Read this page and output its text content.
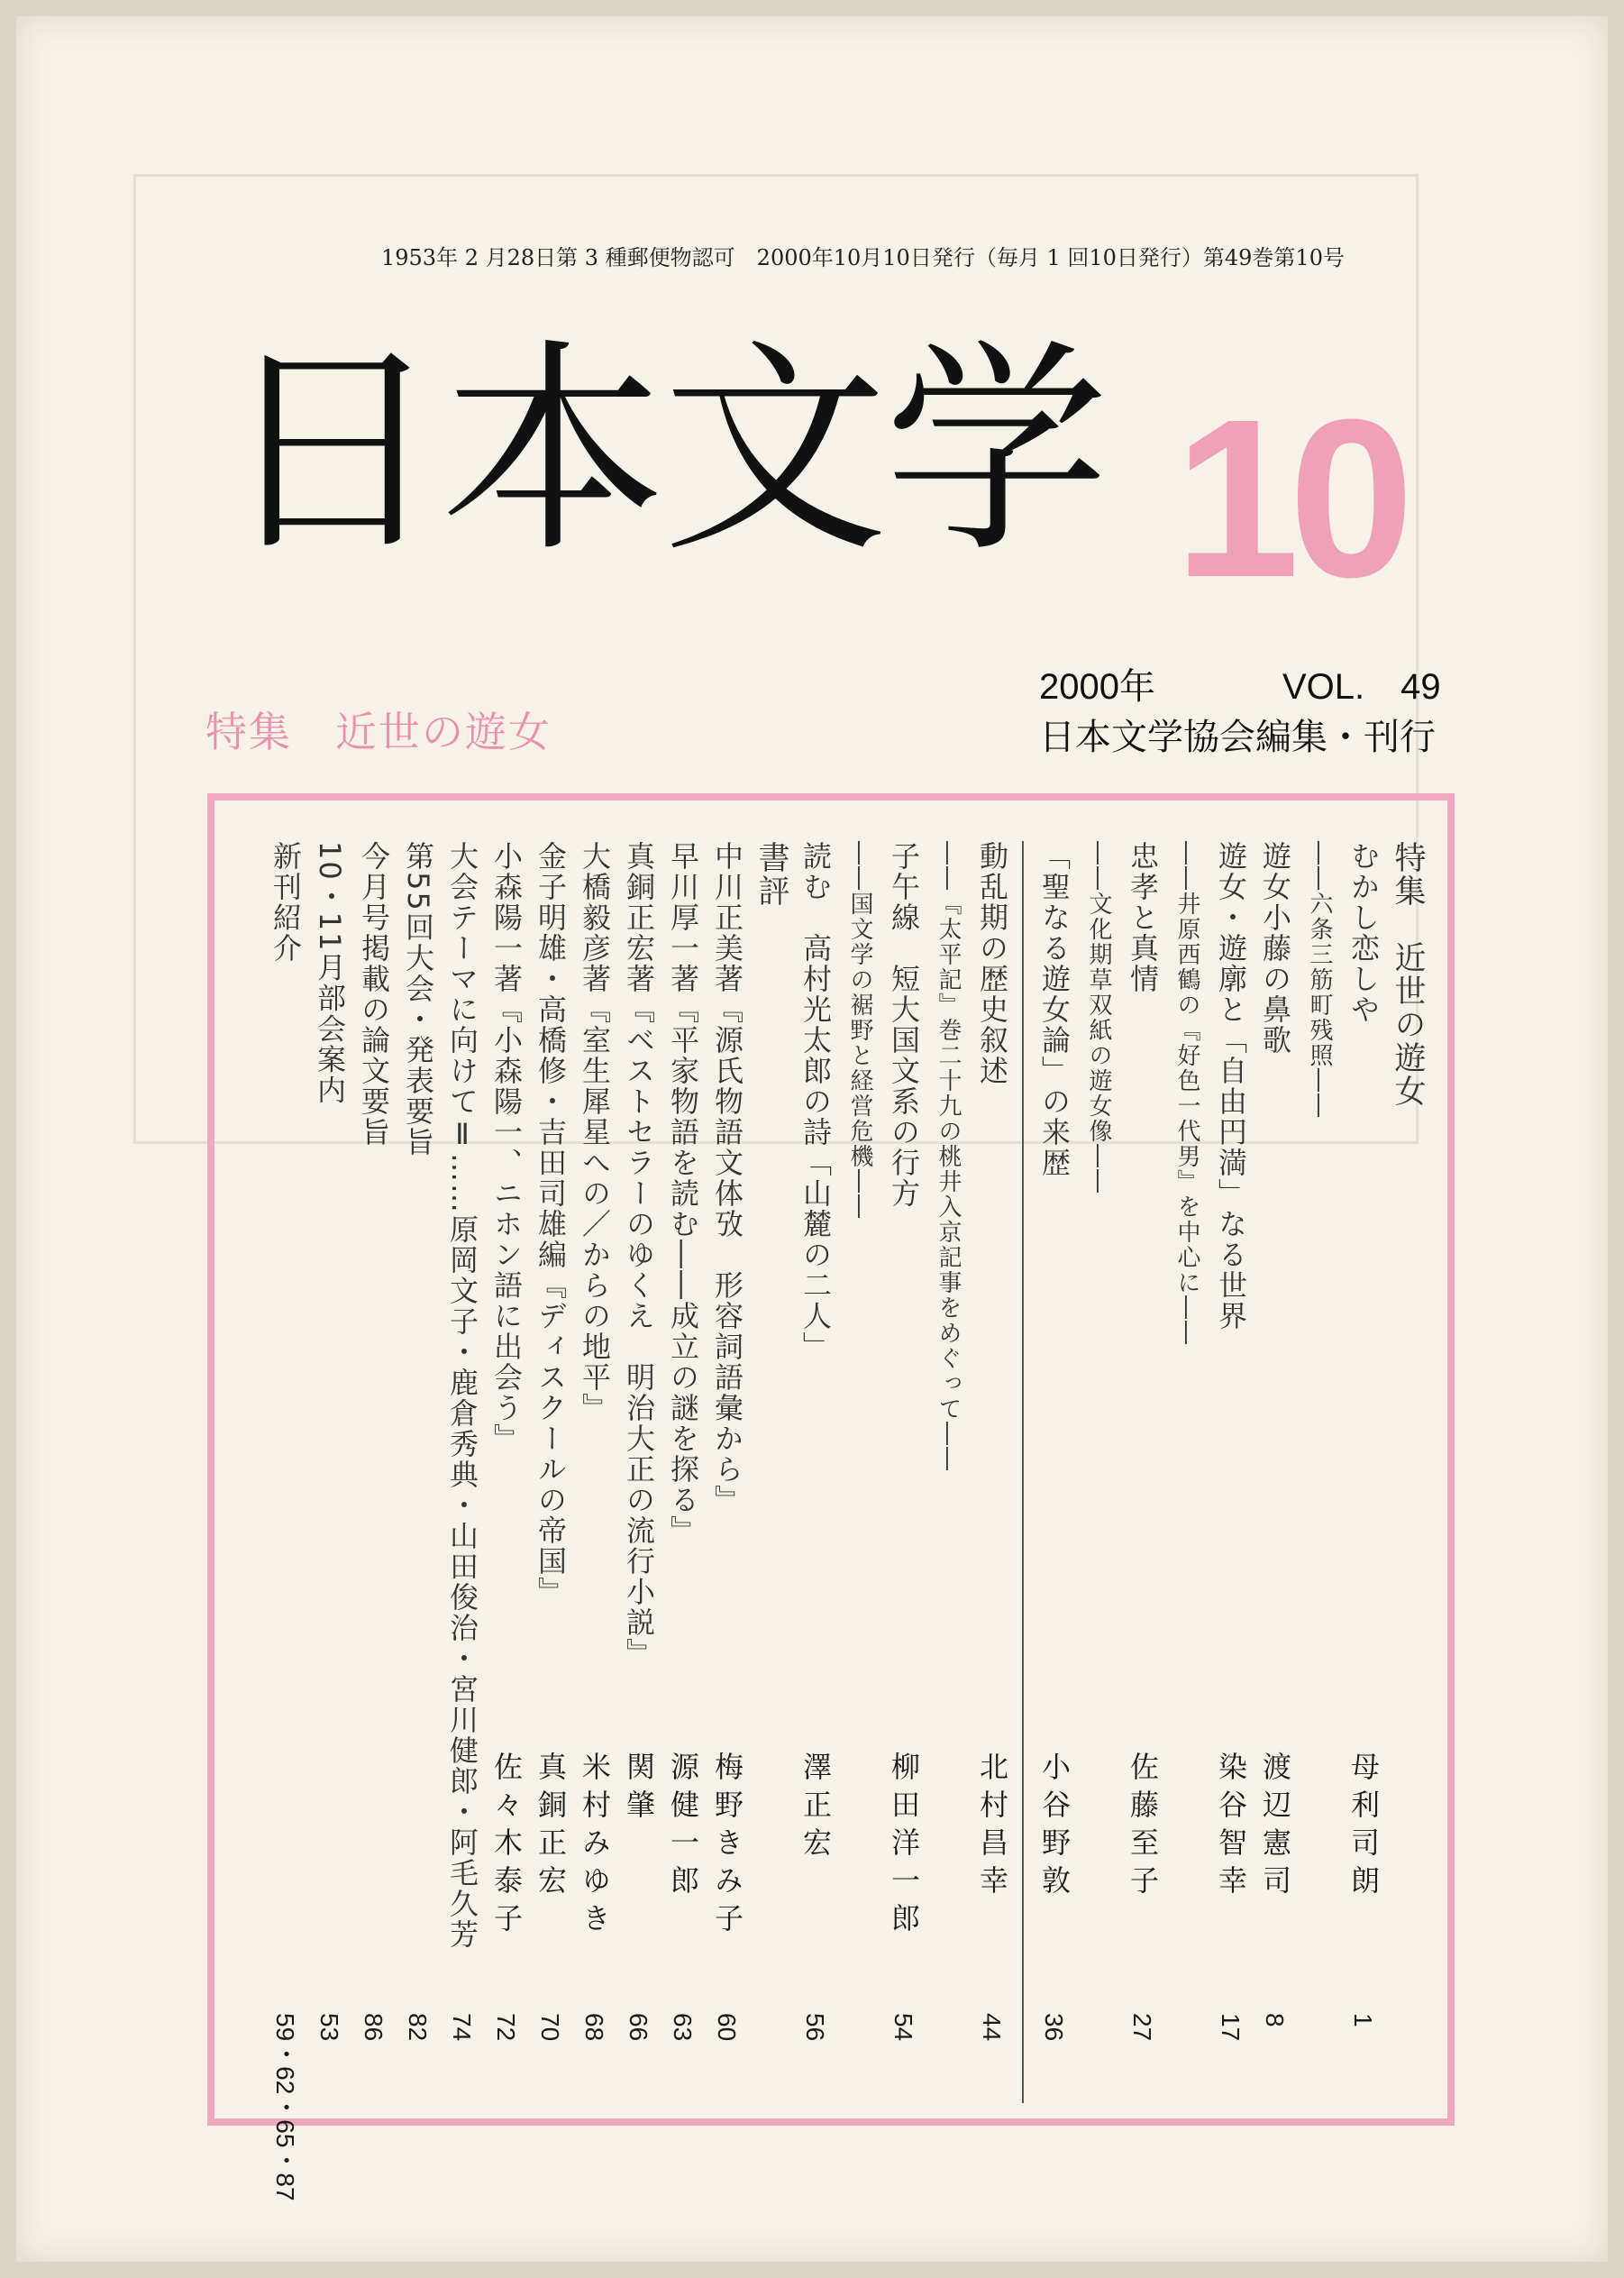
1953年 2 月28日第 3 種郵便物認可　2000年10月10日発行（毎月 1 回10日発行）第49巻第10号
日本文学 10
特集　近世の遊女
2000年	VOL.　49
日本文学協会編集・刊行
特集　近世の遊女
むかし恋しや
母利司朗
1
――六条三筋町残照――
遊女小藤の鼻歌
渡辺憲司
8
遊女・遊廓と「自由円満」なる世界
染谷智幸
17
――井原西鶴の『好色一代男』を中心に――
忠孝と真情
佐藤至子
27
――文化期草双紙の遊女像――
「聖なる遊女論」の来歴
小谷野敦
36
動乱期の歴史叙述
北村昌幸
44
――『太平記』巻二十九の桃井入京記事をめぐって――
子午線　短大国文系の行方
柳田洋一郎
54
――国文学の裾野と経営危機――
読む　高村光太郎の詩「山麓の二人」
澤正宏
56
書評
中川正美著『源氏物語文体攷　形容詞語彙から』
梅野きみ子
60
早川厚一著『平家物語を読む――成立の謎を探る』
源健一郎
63
真銅正宏著『ベストセラーのゆくえ　明治大正の流行小説』
関肇
66
大橋毅彦著『室生犀星への／からの地平』
米村みゆき
68
金子明雄・高橋修・吉田司雄編『ディスクールの帝国』
真銅正宏
70
小森陽一著『小森陽一、ニホン語に出会う』
佐々木泰子
72
大会テーマに向けてⅡ……原岡文子・鹿倉秀典・山田俊治・宮川健郎・阿毛久芳
74
第55回大会・発表要旨
82
今月号掲載の論文要旨
86
10・11月部会案内
53
新刊紹介
59・62・65・87
